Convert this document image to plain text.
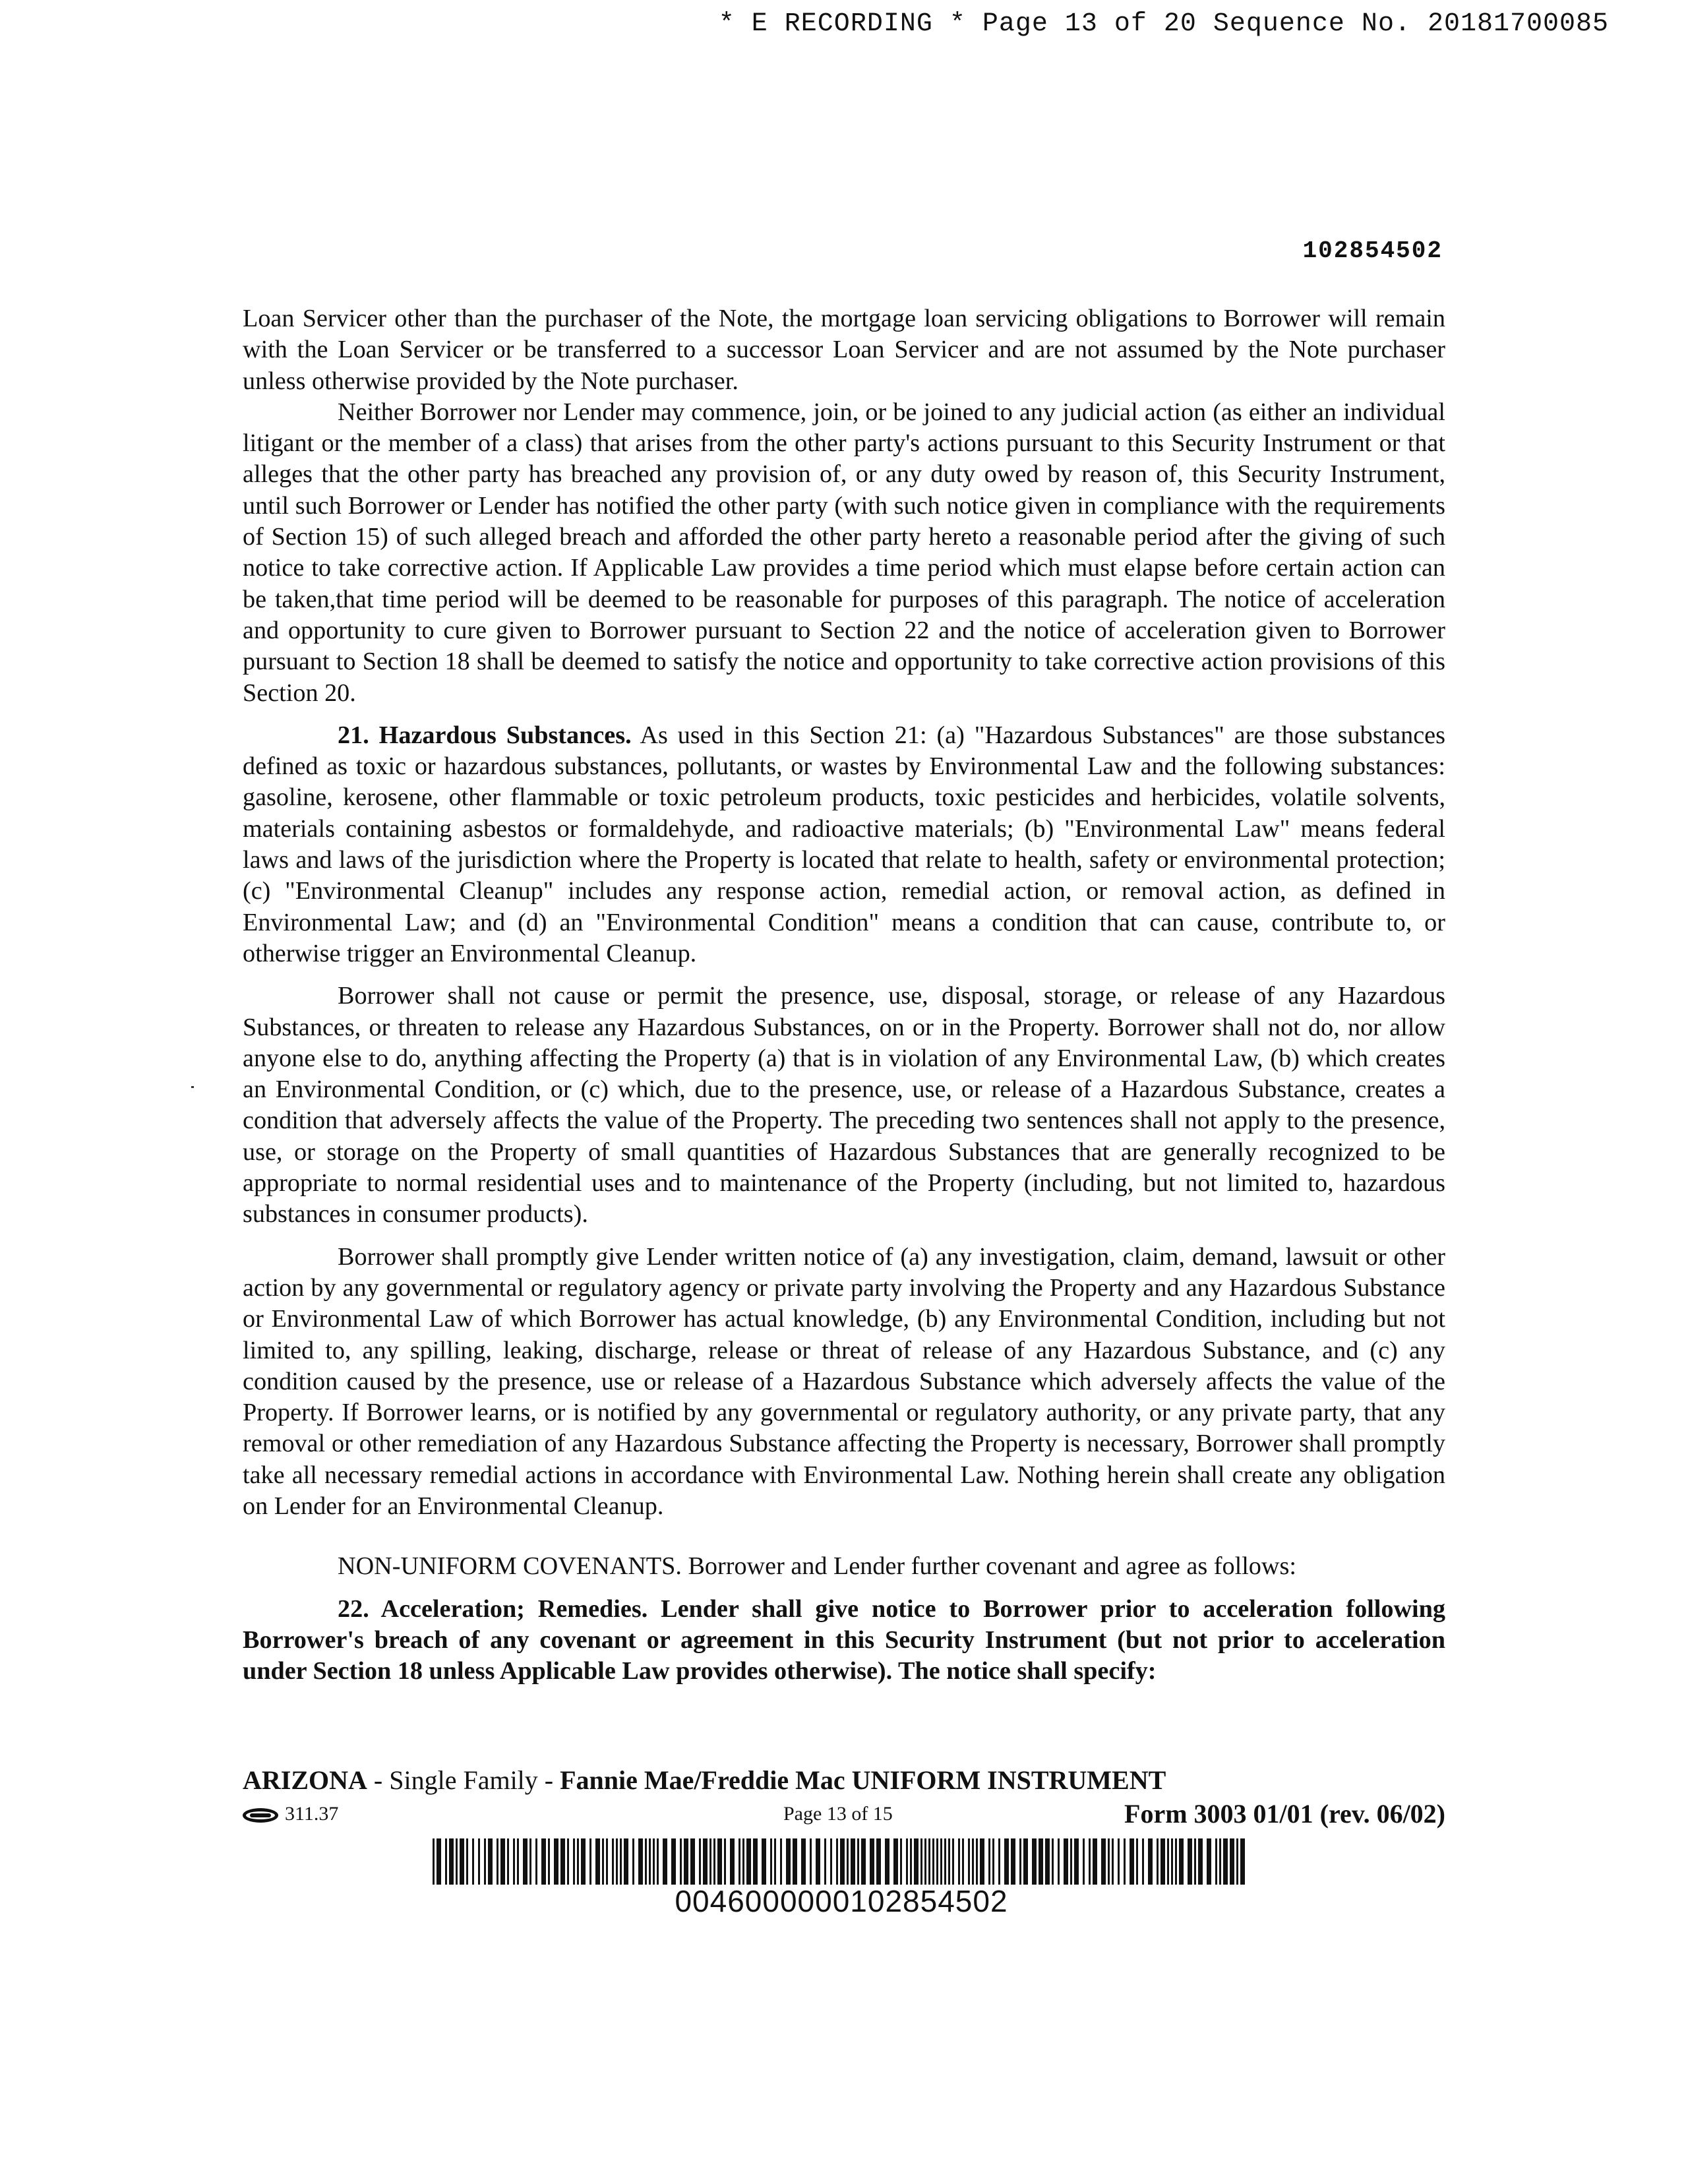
* E RECORDING * Page 13 of 20 Sequence No. 20181700085
102854502

Loan Servicer other than the purchaser of the Note, the mortgage loan servicing obligations to Borrower will remain with the Loan Servicer or be transferred to a successor Loan Servicer and are not assumed by the Note purchaser unless otherwise provided by the Note purchaser.

Neither Borrower nor Lender may commence, join, or be joined to any judicial action (as either an individual litigant or the member of a class) that arises from the other party's actions pursuant to this Security Instrument or that alleges that the other party has breached any provision of, or any duty owed by reason of, this Security Instrument, until such Borrower or Lender has notified the other party (with such notice given in compliance with the requirements of Section 15) of such alleged breach and afforded the other party hereto a reasonable period after the giving of such notice to take corrective action. If Applicable Law provides a time period which must elapse before certain action can be taken,that time period will be deemed to be reasonable for purposes of this paragraph. The notice of acceleration and opportunity to cure given to Borrower pursuant to Section 22 and the notice of acceleration given to Borrower pursuant to Section 18 shall be deemed to satisfy the notice and opportunity to take corrective action provisions of this Section 20.

21. Hazardous Substances. As used in this Section 21: (a) "Hazardous Substances" are those substances defined as toxic or hazardous substances, pollutants, or wastes by Environmental Law and the following substances: gasoline, kerosene, other flammable or toxic petroleum products, toxic pesticides and herbicides, volatile solvents, materials containing asbestos or formaldehyde, and radioactive materials; (b) "Environmental Law" means federal laws and laws of the jurisdiction where the Property is located that relate to health, safety or environmental protection; (c) "Environmental Cleanup" includes any response action, remedial action, or removal action, as defined in Environmental Law; and (d) an "Environmental Condition" means a condition that can cause, contribute to, or otherwise trigger an Environmental Cleanup.

Borrower shall not cause or permit the presence, use, disposal, storage, or release of any Hazardous Substances, or threaten to release any Hazardous Substances, on or in the Property. Borrower shall not do, nor allow anyone else to do, anything affecting the Property (a) that is in violation of any Environmental Law, (b) which creates an Environmental Condition, or (c) which, due to the presence, use, or release of a Hazardous Substance, creates a condition that adversely affects the value of the Property. The preceding two sentences shall not apply to the presence, use, or storage on the Property of small quantities of Hazardous Substances that are generally recognized to be appropriate to normal residential uses and to maintenance of the Property (including, but not limited to, hazardous substances in consumer products).

Borrower shall promptly give Lender written notice of (a) any investigation, claim, demand, lawsuit or other action by any governmental or regulatory agency or private party involving the Property and any Hazardous Substance or Environmental Law of which Borrower has actual knowledge, (b) any Environmental Condition, including but not limited to, any spilling, leaking, discharge, release or threat of release of any Hazardous Substance, and (c) any condition caused by the presence, use or release of a Hazardous Substance which adversely affects the value of the Property. If Borrower learns, or is notified by any governmental or regulatory authority, or any private party, that any removal or other remediation of any Hazardous Substance affecting the Property is necessary, Borrower shall promptly take all necessary remedial actions in accordance with Environmental Law. Nothing herein shall create any obligation on Lender for an Environmental Cleanup.

NON-UNIFORM COVENANTS. Borrower and Lender further covenant and agree as follows:

22. Acceleration; Remedies. Lender shall give notice to Borrower prior to acceleration following Borrower's breach of any covenant or agreement in this Security Instrument (but not prior to acceleration under Section 18 unless Applicable Law provides otherwise). The notice shall specify:

ARIZONA - Single Family - Fannie Mae/Freddie Mac UNIFORM INSTRUMENT
311.37	Page 13 of 15	Form 3003 01/01 (rev. 06/02)
0046000000102854502
